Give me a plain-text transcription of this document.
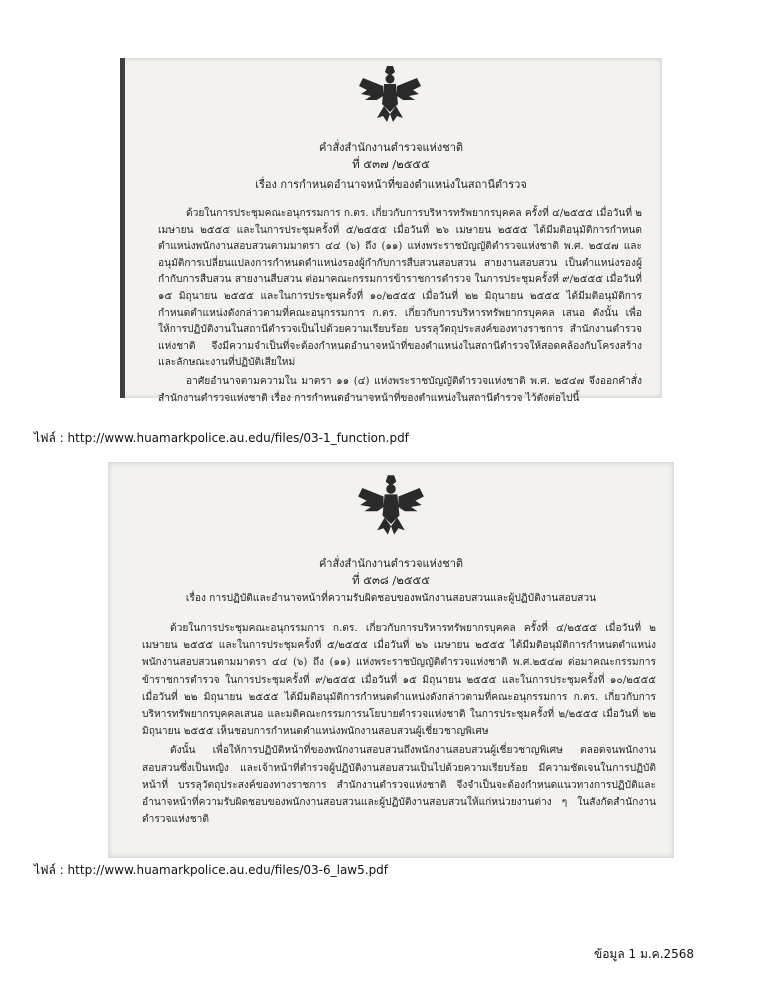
คำสั่งสำนักงานตำรวจแห่งชาติ
ที่ ๕๓๗ /๒๕๕๕
เรื่อง การกำหนดอำนาจหน้าที่ของตำแหน่งในสถานีตำรวจ

ด้วยในการประชุมคณะอนุกรรมการ ก.ตร. เกี่ยวกับการบริหารทรัพยากรบุคคล ครั้งที่ ๔/๒๕๕๕ เมื่อวันที่ ๒ เมษายน ๒๕๕๕ และในการประชุมครั้งที่ ๕/๒๕๕๕ เมื่อวันที่ ๒๖ เมษายน ๒๕๕๕ ได้มีมติอนุมัติการกำหนดตำแหน่งพนักงานสอบสวนตามมาตรา ๔๔ (๖) ถึง (๑๑) แห่งพระราชบัญญัติตำรวจแห่งชาติ พ.ศ. ๒๕๔๗ และอนุมัติการเปลี่ยนแปลงการกำหนดตำแหน่งรองผู้กำกับการสืบสวนสอบสวน สายงานสอบสวน เป็นตำแหน่งรองผู้กำกับการสืบสวน สายงานสืบสวน ต่อมาคณะกรรมการข้าราชการตำรวจ ในการประชุมครั้งที่ ๙/๒๕๕๕ เมื่อวันที่ ๑๕ มิถุนายน ๒๕๕๕ และในการประชุมครั้งที่ ๑๐/๒๕๕๕ เมื่อวันที่ ๒๒ มิถุนายน ๒๕๕๕ ได้มีมติอนุมัติการกำหนดตำแหน่งดังกล่าวตามที่คณะอนุกรรมการ ก.ตร. เกี่ยวกับการบริหารทรัพยากรบุคคล เสนอ ดังนั้น เพื่อให้การปฏิบัติงานในสถานีตำรวจเป็นไปด้วยความเรียบร้อย บรรลุวัตถุประสงค์ของทางราชการ สำนักงานตำรวจแห่งชาติ จึงมีความจำเป็นที่จะต้องกำหนดอำนาจหน้าที่ของตำแหน่งในสถานีตำรวจให้สอดคล้องกับโครงสร้างและลักษณะงานที่ปฏิบัติเสียใหม่

อาศัยอำนาจตามความใน มาตรา ๑๑ (๔) แห่งพระราชบัญญัติตำรวจแห่งชาติ พ.ศ. ๒๕๔๗ จึงออกคำสั่งสำนักงานตำรวจแห่งชาติ เรื่อง การกำหนดอำนาจหน้าที่ของตำแหน่งในสถานีตำรวจ ไว้ดังต่อไปนี้

ไฟล์ : http://www.huamarkpolice.au.edu/files/03-1_function.pdf
คำสั่งสำนักงานตำรวจแห่งชาติ
ที่ ๕๓๘ /๒๕๕๕
เรื่อง การปฏิบัติและอำนาจหน้าที่ความรับผิดชอบของพนักงานสอบสวนและผู้ปฏิบัติงานสอบสวน

ด้วยในการประชุมคณะอนุกรรมการ ก.ตร. เกี่ยวกับการบริหารทรัพยากรบุคคล ครั้งที่ ๔/๒๕๕๕ เมื่อวันที่ ๒ เมษายน ๒๕๕๕ และในการประชุมครั้งที่ ๕/๒๕๕๕ เมื่อวันที่ ๒๖ เมษายน ๒๕๕๕ ได้มีมติอนุมัติการกำหนดตำแหน่งพนักงานสอบสวนตามมาตรา ๔๔ (๖) ถึง (๑๑) แห่งพระราชบัญญัติตำรวจแห่งชาติ พ.ศ.๒๕๔๗ ต่อมาคณะกรรมการข้าราชการตำรวจ ในการประชุมครั้งที่ ๙/๒๕๕๕ เมื่อวันที่ ๑๕ มิถุนายน ๒๕๕๕ และในการประชุมครั้งที่ ๑๐/๒๕๕๕ เมื่อวันที่ ๒๒ มิถุนายน ๒๕๕๕ ได้มีมติอนุมัติการกำหนดตำแหน่งดังกล่าวตามที่คณะอนุกรรมการ ก.ตร. เกี่ยวกับการบริหารทรัพยากรบุคคลเสนอ และมติคณะกรรมการนโยบายตำรวจแห่งชาติ ในการประชุมครั้งที่ ๒/๒๕๕๕ เมื่อวันที่ ๒๒ มิถุนายน ๒๕๕๕ เห็นชอบการกำหนดตำแหน่งพนักงานสอบสวนผู้เชี่ยวชาญพิเศษ

ดังนั้น เพื่อให้การปฏิบัติหน้าที่ของพนักงานสอบสวนถึงพนักงานสอบสวนผู้เชี่ยวชาญพิเศษ ตลอดจนพนักงานสอบสวนซึ่งเป็นหญิง และเจ้าหน้าที่ตำรวจผู้ปฏิบัติงานสอบสวนเป็นไปด้วยความเรียบร้อย มีความชัดเจนในการปฏิบัติหน้าที่ บรรลุวัตถุประสงค์ของทางราชการ สำนักงานตำรวจแห่งชาติ จึงจำเป็นจะต้องกำหนดแนวทางการปฏิบัติและอำนาจหน้าที่ความรับผิดชอบของพนักงานสอบสวนและผู้ปฏิบัติงานสอบสวนให้แก่หน่วยงานต่าง ๆ ในสังกัดสำนักงานตำรวจแห่งชาติ

ไฟล์ : http://www.huamarkpolice.au.edu/files/03-6_law5.pdf
ข้อมูล 1 ม.ค.2568
